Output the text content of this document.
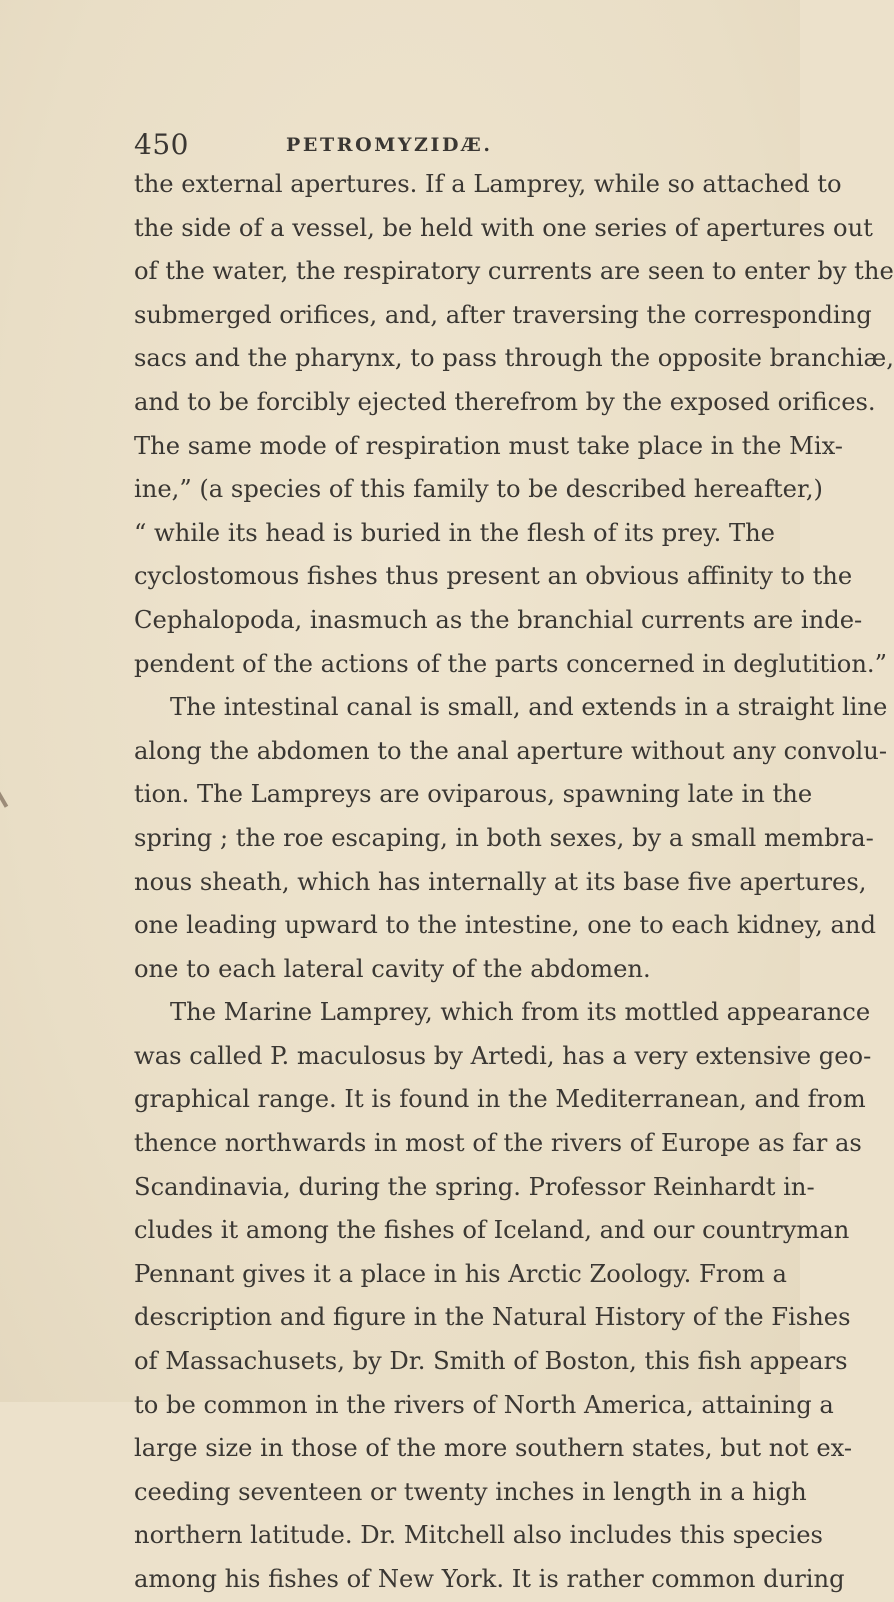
450	PETROMYZIDÆ.
the external apertures. If a Lamprey, while so attached to
the side of a vessel, be held with one series of apertures out
of the water, the respiratory currents are seen to enter by the
submerged orifices, and, after traversing the corresponding
sacs and the pharynx, to pass through the opposite branchiæ,
and to be forcibly ejected therefrom by the exposed orifices.
The same mode of respiration must take place in the Mix-
ine,” (a species of this family to be described hereafter,)
“ while its head is buried in the flesh of its prey. The
cyclostomous fishes thus present an obvious affinity to the
Cephalopoda, inasmuch as the branchial currents are inde-
pendent of the actions of the parts concerned in deglutition.”
The intestinal canal is small, and extends in a straight line
along the abdomen to the anal aperture without any convolu-
tion. The Lampreys are oviparous, spawning late in the
spring ; the roe escaping, in both sexes, by a small membra-
nous sheath, which has internally at its base five apertures,
one leading upward to the intestine, one to each kidney, and
one to each lateral cavity of the abdomen.
The Marine Lamprey, which from its mottled appearance
was called P. maculosus by Artedi, has a very extensive geo-
graphical range. It is found in the Mediterranean, and from
thence northwards in most of the rivers of Europe as far as
Scandinavia, during the spring. Professor Reinhardt in-
cludes it among the fishes of Iceland, and our countryman
Pennant gives it a place in his Arctic Zoology. From a
description and figure in the Natural History of the Fishes
of Massachusets, by Dr. Smith of Boston, this fish appears
to be common in the rivers of North America, attaining a
large size in those of the more southern states, but not ex-
ceeding seventeen or twenty inches in length in a high
northern latitude. Dr. Mitchell also includes this species
among his fishes of New York. It is rather common during
